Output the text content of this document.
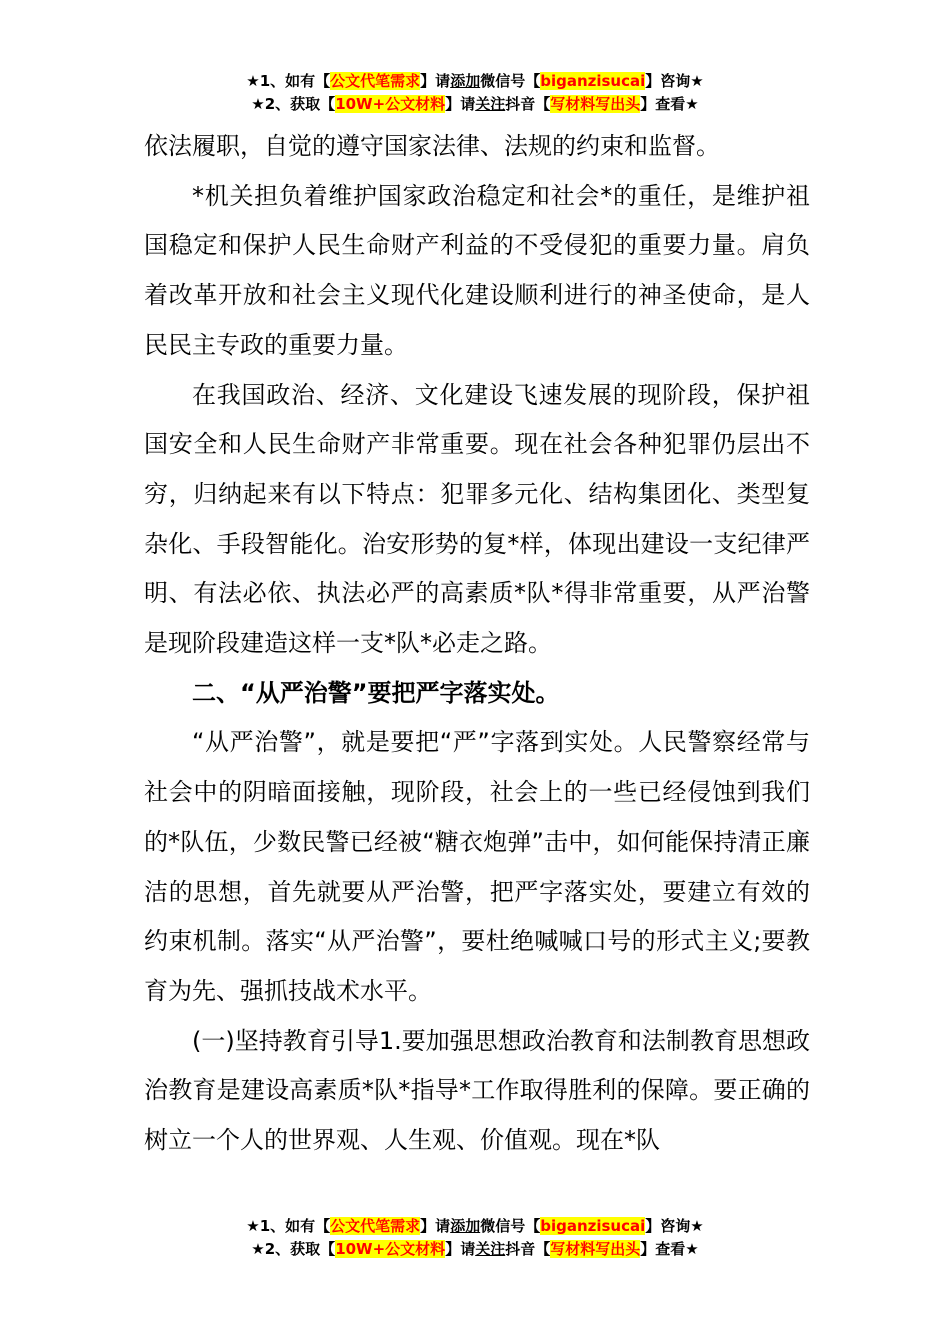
★1、如有【公文代笔需求】请添加微信号【biganzisucai】咨询★
★2、获取【10W+公文材料】请关注抖音【写材料写出头】查看★

依法履职，自觉的遵守国家法律、法规的约束和监督。

*机关担负着维护国家政治稳定和社会*的重任，是维护祖国稳定和保护人民生命财产利益的不受侵犯的重要力量。肩负着改革开放和社会主义现代化建设顺利进行的神圣使命，是人民民主专政的重要力量。

在我国政治、经济、文化建设飞速发展的现阶段，保护祖国安全和人民生命财产非常重要。现在社会各种犯罪仍层出不穷，归纳起来有以下特点：犯罪多元化、结构集团化、类型复杂化、手段智能化。治安形势的复*样，体现出建设一支纪律严明、有法必依、执法必严的高素质*队*得非常重要，从严治警是现阶段建造这样一支*队*必走之路。

二、“从严治警”要把严字落实处。

“从严治警”，就是要把“严”字落到实处。人民警察经常与社会中的阴暗面接触，现阶段，社会上的一些已经侵蚀到我们的*队伍，少数民警已经被“糖衣炮弹”击中，如何能保持清正廉洁的思想，首先就要从严治警，把严字落实处，要建立有效的约束机制。落实“从严治警”，要杜绝喊喊口号的形式主义;要教育为先、强抓技战术水平。

(一)坚持教育引导1.要加强思想政治教育和法制教育思想政治教育是建设高素质*队*指导*工作取得胜利的保障。要正确的树立一个人的世界观、人生观、价值观。现在*队

★1、如有【公文代笔需求】请添加微信号【biganzisucai】咨询★
★2、获取【10W+公文材料】请关注抖音【写材料写出头】查看★
